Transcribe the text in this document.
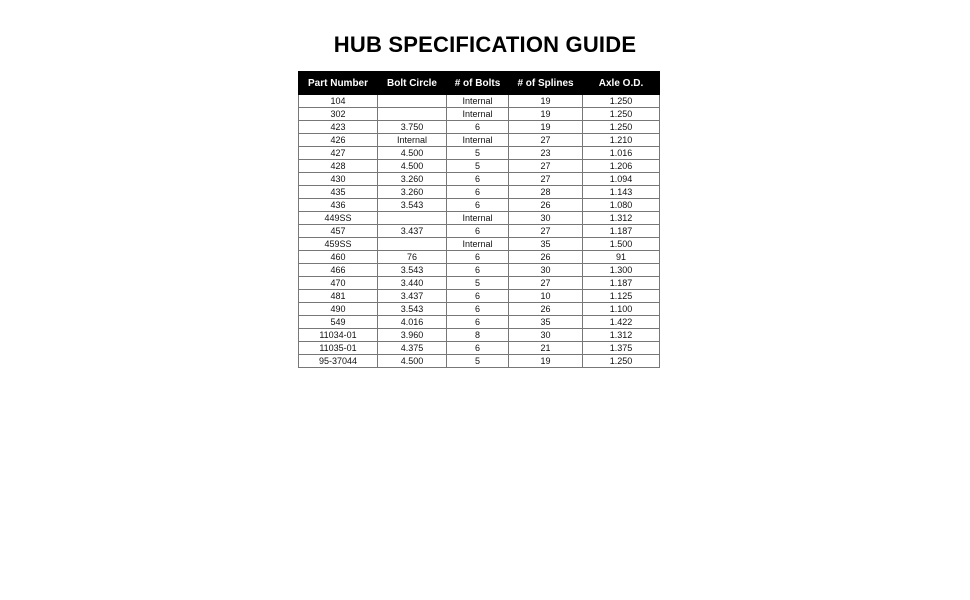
HUB SPECIFICATION GUIDE
Part Number	Bolt Circle	# of Bolts	# of Splines	Axle O.D.
104		Internal	19	1.250
302		Internal	19	1.250
423	3.750	6	19	1.250
426	Internal	Internal	27	1.210
427	4.500	5	23	1.016
428	4.500	5	27	1.206
430	3.260	6	27	1.094
435	3.260	6	28	1.143
436	3.543	6	26	1.080
449SS		Internal	30	1.312
457	3.437	6	27	1.187
459SS		Internal	35	1.500
460	76	6	26	91
466	3.543	6	30	1.300
470	3.440	5	27	1.187
481	3.437	6	10	1.125
490	3.543	6	26	1.100
549	4.016	6	35	1.422
11034-01	3.960	8	30	1.312
11035-01	4.375	6	21	1.375
95-37044	4.500	5	19	1.250
